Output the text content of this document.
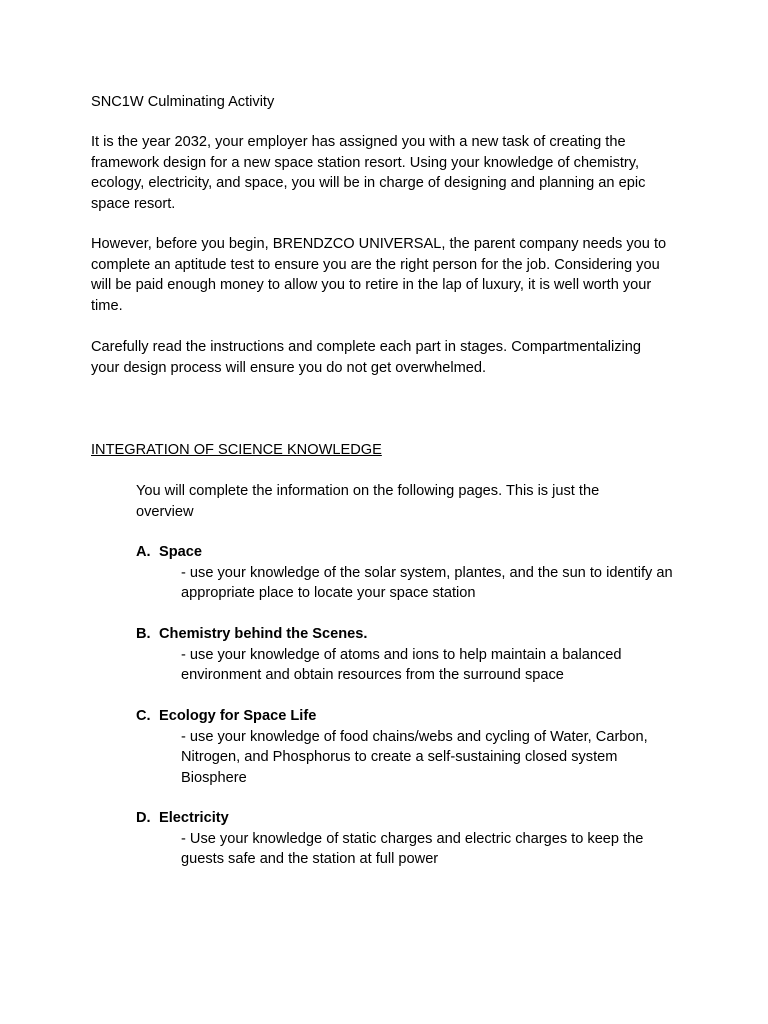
SNC1W Culminating Activity

It is the year 2032, your employer has assigned you with a new task of creating the framework design for a new space station resort. Using your knowledge of chemistry, ecology, electricity, and space, you will be in charge of designing and planning an epic space resort.

However, before you begin, BRENDZCO UNIVERSAL, the parent company needs you to complete an aptitude test to ensure you are the right person for the job. Considering you will be paid enough money to allow you to retire in the lap of luxury, it is well worth your time.

Carefully read the instructions and complete each part in stages. Compartmentalizing your design process will ensure you do not get overwhelmed.

INTEGRATION OF SCIENCE KNOWLEDGE

You will complete the information on the following pages. This is just the overview

A. Space
- use your knowledge of the solar system, plantes, and the sun to identify an appropriate place to locate your space station
B. Chemistry behind the Scenes.
- use your knowledge of atoms and ions to help maintain a balanced environment and obtain resources from the surround space
C. Ecology for Space Life
- use your knowledge of food chains/webs and cycling of Water, Carbon, Nitrogen, and Phosphorus to create a self-sustaining closed system Biosphere
D. Electricity
- Use your knowledge of static charges and electric charges to keep the guests safe and the station at full power
